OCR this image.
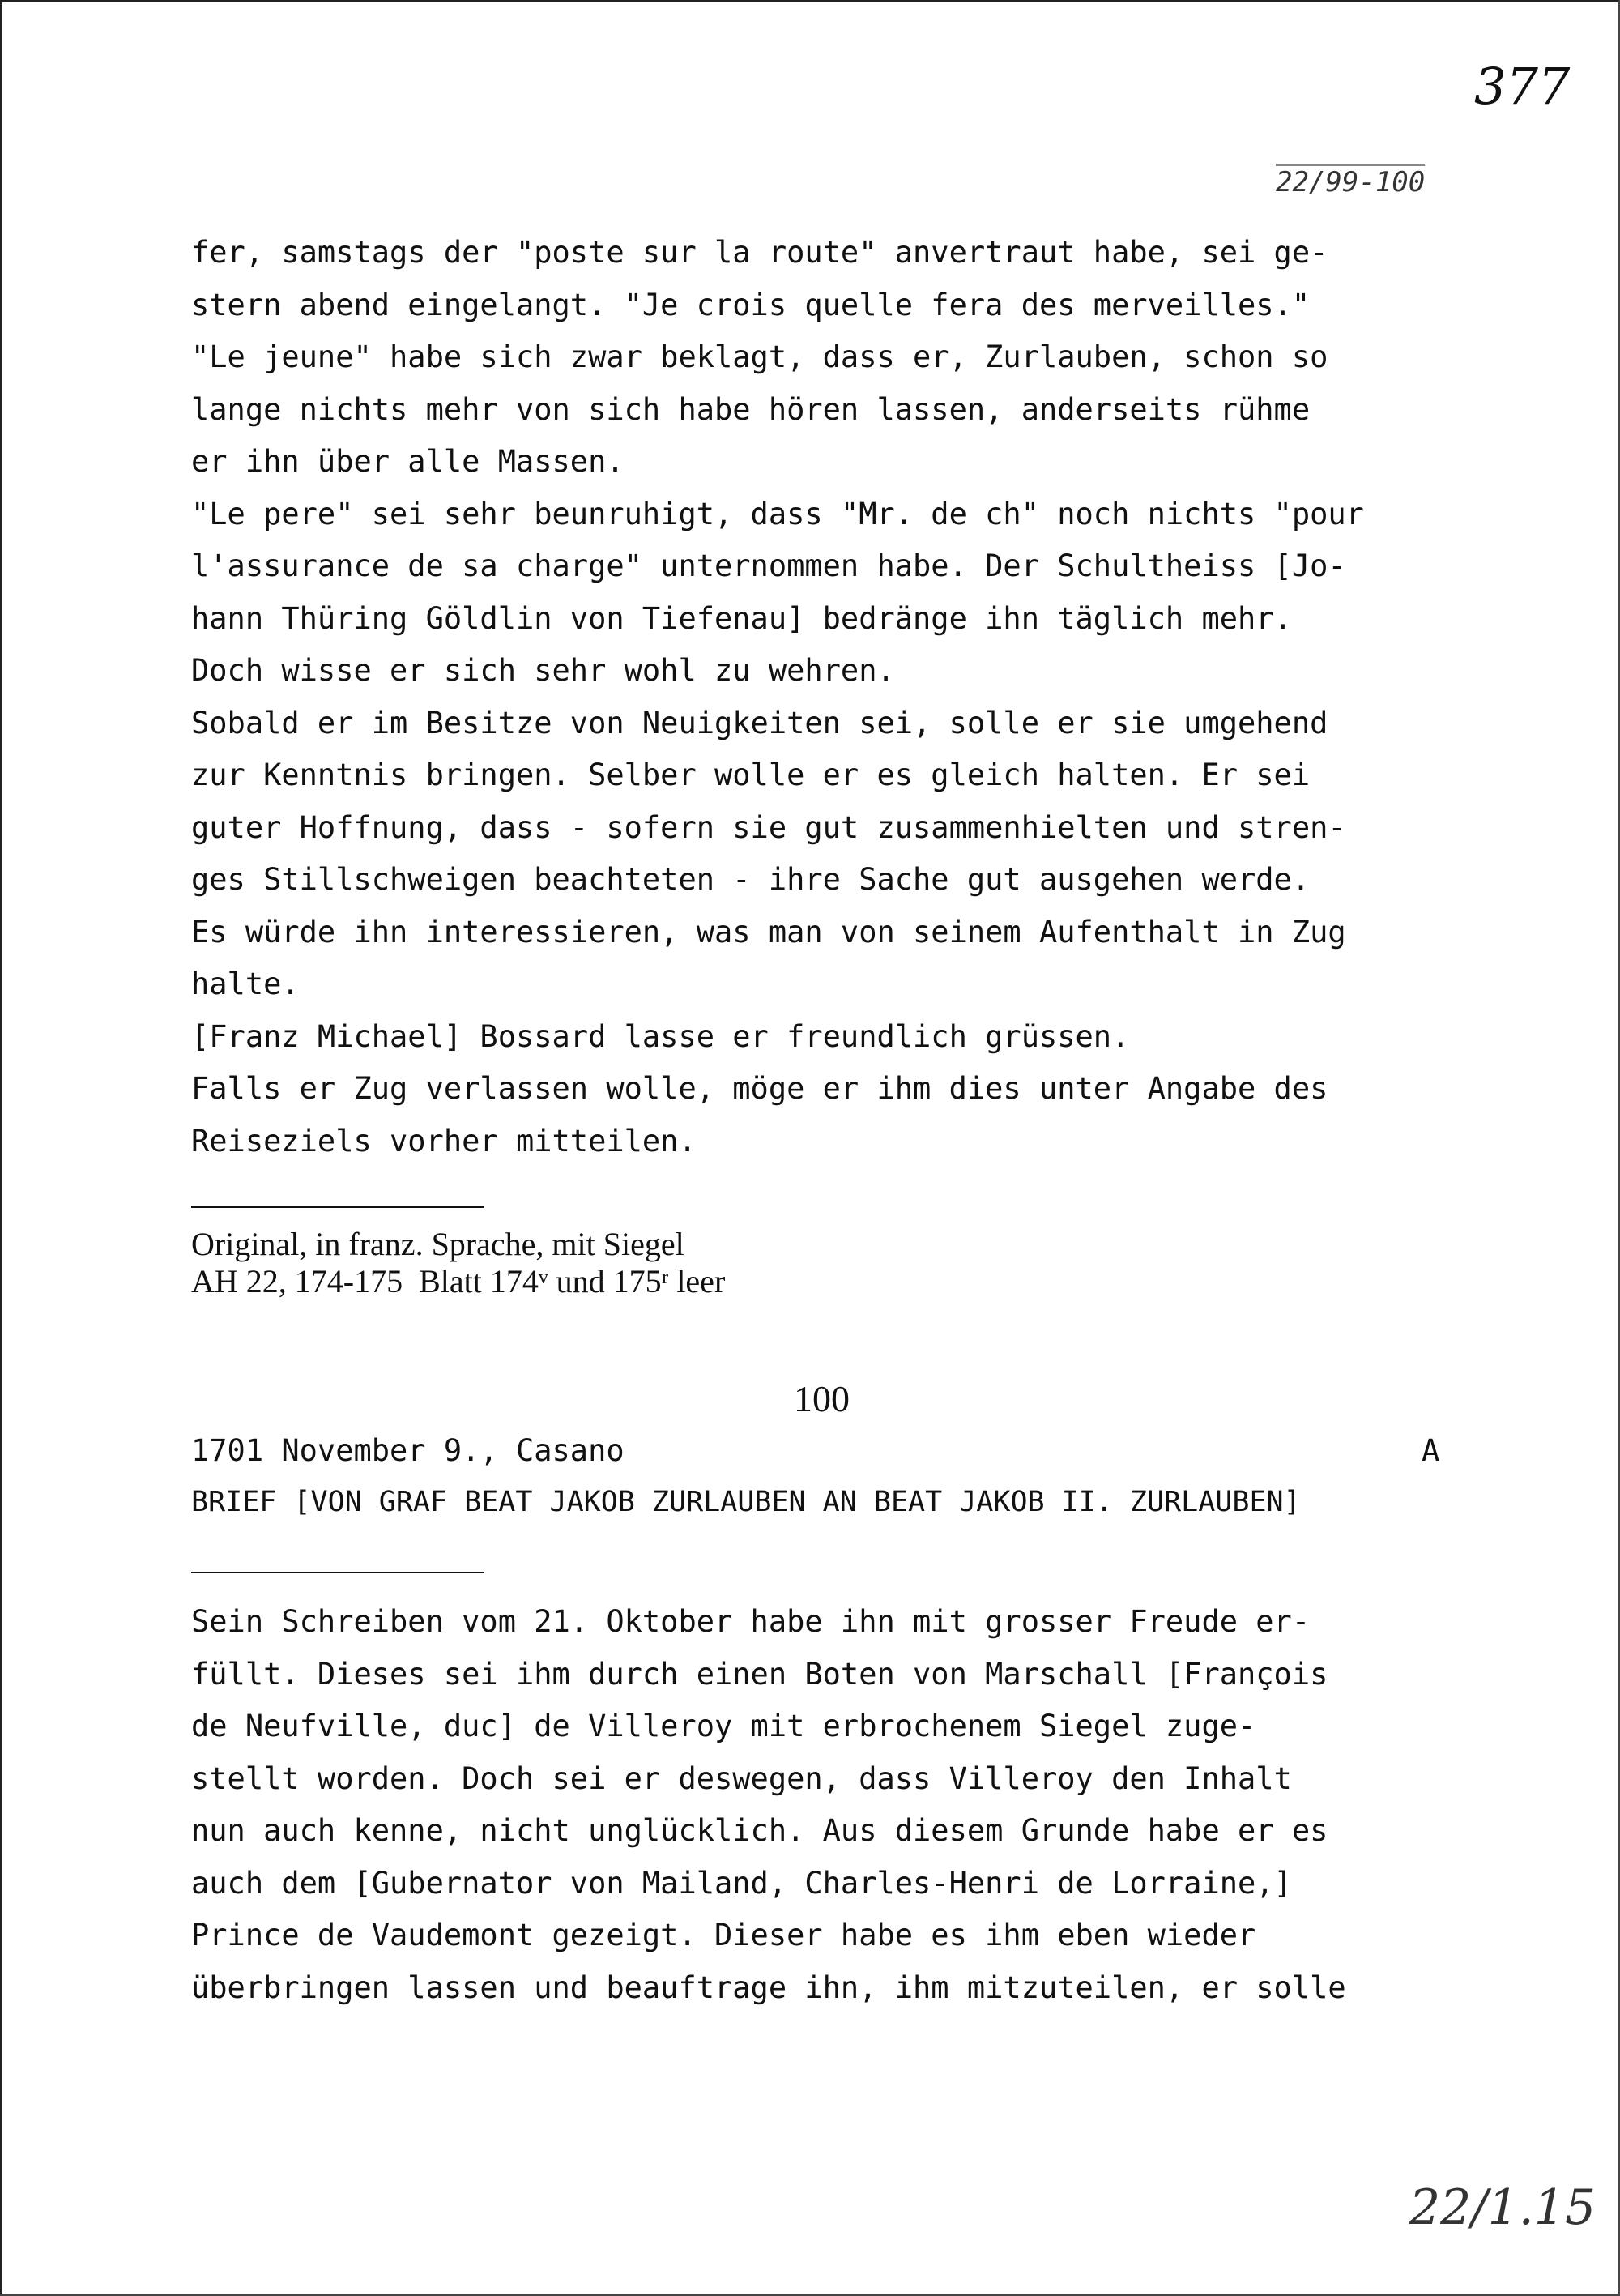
377
22/99-100
fer, samstags der "poste sur la route" anvertraut habe, sei ge-
stern abend eingelangt. "Je crois quelle fera des merveilles."
"Le jeune" habe sich zwar beklagt, dass er, Zurlauben, schon so
lange nichts mehr von sich habe hören lassen, anderseits rühme
er ihn über alle Massen.
"Le pere" sei sehr beunruhigt, dass "Mr. de ch" noch nichts "pour
l'assurance de sa charge" unternommen habe. Der Schultheiss [Jo-
hann Thüring Göldlin von Tiefenau] bedränge ihn täglich mehr.
Doch wisse er sich sehr wohl zu wehren.
Sobald er im Besitze von Neuigkeiten sei, solle er sie umgehend
zur Kenntnis bringen. Selber wolle er es gleich halten. Er sei
guter Hoffnung, dass - sofern sie gut zusammenhielten und stren-
ges Stillschweigen beachteten - ihre Sache gut ausgehen werde.
Es würde ihn interessieren, was man von seinem Aufenthalt in Zug
halte.
[Franz Michael] Bossard lasse er freundlich grüssen.
Falls er Zug verlassen wolle, möge er ihm dies unter Angabe des
Reiseziels vorher mitteilen.
Original, in franz. Sprache, mit Siegel
AH 22, 174-175  Blatt 174ᵛ und 175ʳ leer
100
1701 November 9., Casano	A
BRIEF [VON GRAF BEAT JAKOB ZURLAUBEN AN BEAT JAKOB II. ZURLAUBEN]
Sein Schreiben vom 21. Oktober habe ihn mit grosser Freude er-
füllt. Dieses sei ihm durch einen Boten von Marschall [François
de Neufville, duc] de Villeroy mit erbrochenem Siegel zuge-
stellt worden. Doch sei er deswegen, dass Villeroy den Inhalt
nun auch kenne, nicht unglücklich. Aus diesem Grunde habe er es
auch dem [Gubernator von Mailand, Charles-Henri de Lorraine,]
Prince de Vaudemont gezeigt. Dieser habe es ihm eben wieder
überbringen lassen und beauftrage ihn, ihm mitzuteilen, er solle
22/1.15
